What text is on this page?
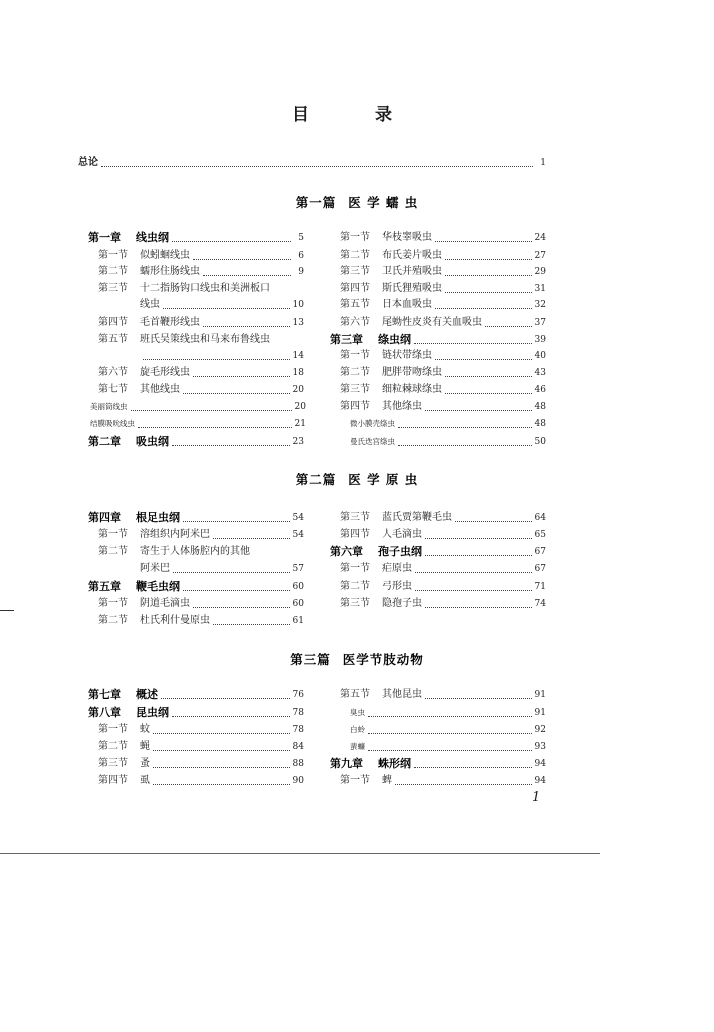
目 录
总论	1
第一篇 医 学 蠕 虫
第二篇 医 学 原 虫
第三篇 医学节肢动物
第一章	线虫纲	5
第一节	似蚓蛔线虫	6
第二节	蠕形住肠线虫	9
第三节	十二指肠钩口线虫和美洲板口
线虫	10
第四节	毛首鞭形线虫	13
第五节	班氏吴策线虫和马来布鲁线虫
14
第六节	旋毛形线虫	18
第七节	其他线虫	20
美丽筒线虫	20
结膜吸吮线虫	21
第二章	吸虫纲	23
第一节	华枝睾吸虫	24
第二节	布氏姜片吸虫	27
第三节	卫氏并殖吸虫	29
第四节	斯氏狸殖吸虫	31
第五节	日本血吸虫	32
第六节	尾蚴性皮炎有关血吸虫	37
第三章	绦虫纲	39
第一节	链状带绦虫	40
第二节	肥胖带吻绦虫	43
第三节	细粒棘球绦虫	46
第四节	其他绦虫	48
微小膜壳绦虫	48
曼氏迭宫绦虫	50
第四章	根足虫纲	54
第一节	溶组织内阿米巴	54
第二节	寄生于人体肠腔内的其他
阿米巴	57
第五章	鞭毛虫纲	60
第一节	阴道毛滴虫	60
第二节	杜氏利什曼原虫	61
第三节	蓝氏贾第鞭毛虫	64
第四节	人毛滴虫	65
第六章	孢子虫纲	67
第一节	疟原虫	67
第二节	弓形虫	71
第三节	隐孢子虫	74
第七章	概述	76
第八章	昆虫纲	78
第一节	蚊	78
第二节	蝇	84
第三节	蚤	88
第四节	虱	90
第五节	其他昆虫	91
臭虫	91
白蛉	92
蜚蠊	93
第九章	蛛形纲	94
第一节	蜱	94
1
